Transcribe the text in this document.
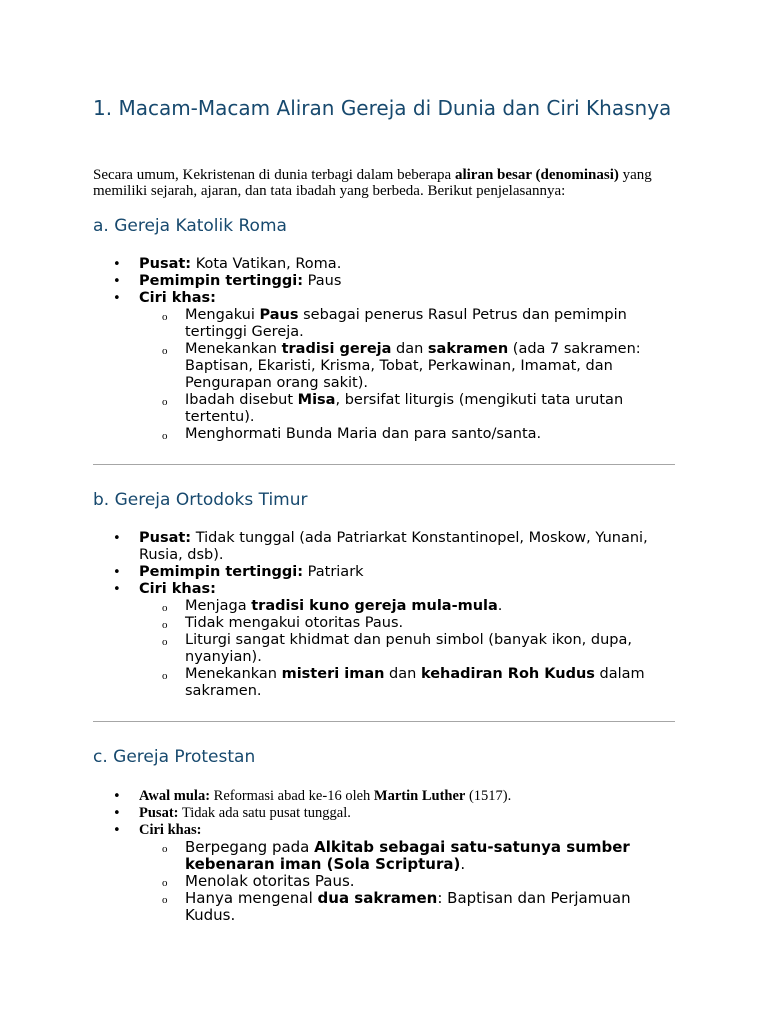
1. Macam-Macam Aliran Gereja di Dunia dan Ciri Khasnya

Secara umum, Kekristenan di dunia terbagi dalam beberapa aliran besar (denominasi) yang memiliki sejarah, ajaran, dan tata ibadah yang berbeda. Berikut penjelasannya:

a. Gereja Katolik Roma
• Pusat: Kota Vatikan, Roma.
• Pemimpin tertinggi: Paus
• Ciri khas:
o Mengakui Paus sebagai penerus Rasul Petrus dan pemimpin tertinggi Gereja.
o Menekankan tradisi gereja dan sakramen (ada 7 sakramen: Baptisan, Ekaristi, Krisma, Tobat, Perkawinan, Imamat, dan Pengurapan orang sakit).
o Ibadah disebut Misa, bersifat liturgis (mengikuti tata urutan tertentu).
o Menghormati Bunda Maria dan para santo/santa.
b. Gereja Ortodoks Timur
• Pusat: Tidak tunggal (ada Patriarkat Konstantinopel, Moskow, Yunani, Rusia, dsb).
• Pemimpin tertinggi: Patriark
• Ciri khas:
o Menjaga tradisi kuno gereja mula-mula.
o Tidak mengakui otoritas Paus.
o Liturgi sangat khidmat dan penuh simbol (banyak ikon, dupa, nyanyian).
o Menekankan misteri iman dan kehadiran Roh Kudus dalam sakramen.
c. Gereja Protestan
• Awal mula: Reformasi abad ke-16 oleh Martin Luther (1517).
• Pusat: Tidak ada satu pusat tunggal.
• Ciri khas:
o Berpegang pada Alkitab sebagai satu-satunya sumber kebenaran iman (Sola Scriptura).
o Menolak otoritas Paus.
o Hanya mengenal dua sakramen: Baptisan dan Perjamuan Kudus.
